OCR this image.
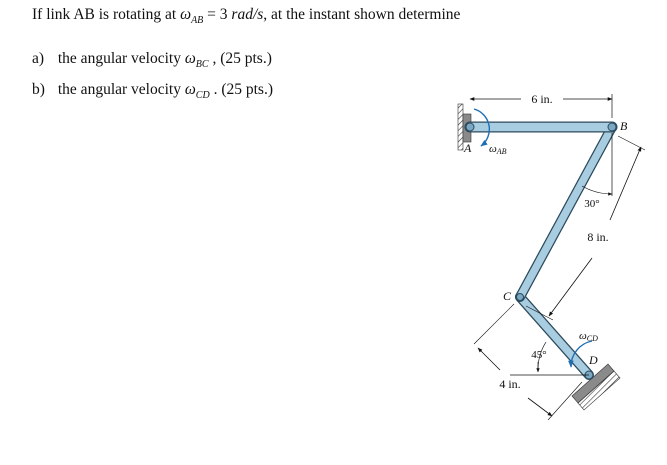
If link AB is rotating at $\omega_{AB} = 3$ rad/s, at the instant shown determine
a) the angular velocity $\omega_{BC}$ , (25 pts.)
b) the angular velocity $\omega_{CD}$ . (25 pts.)
6 in.
30°
8 in.
45°
4 in.
A
B
C
D
ωAB
ωCD
